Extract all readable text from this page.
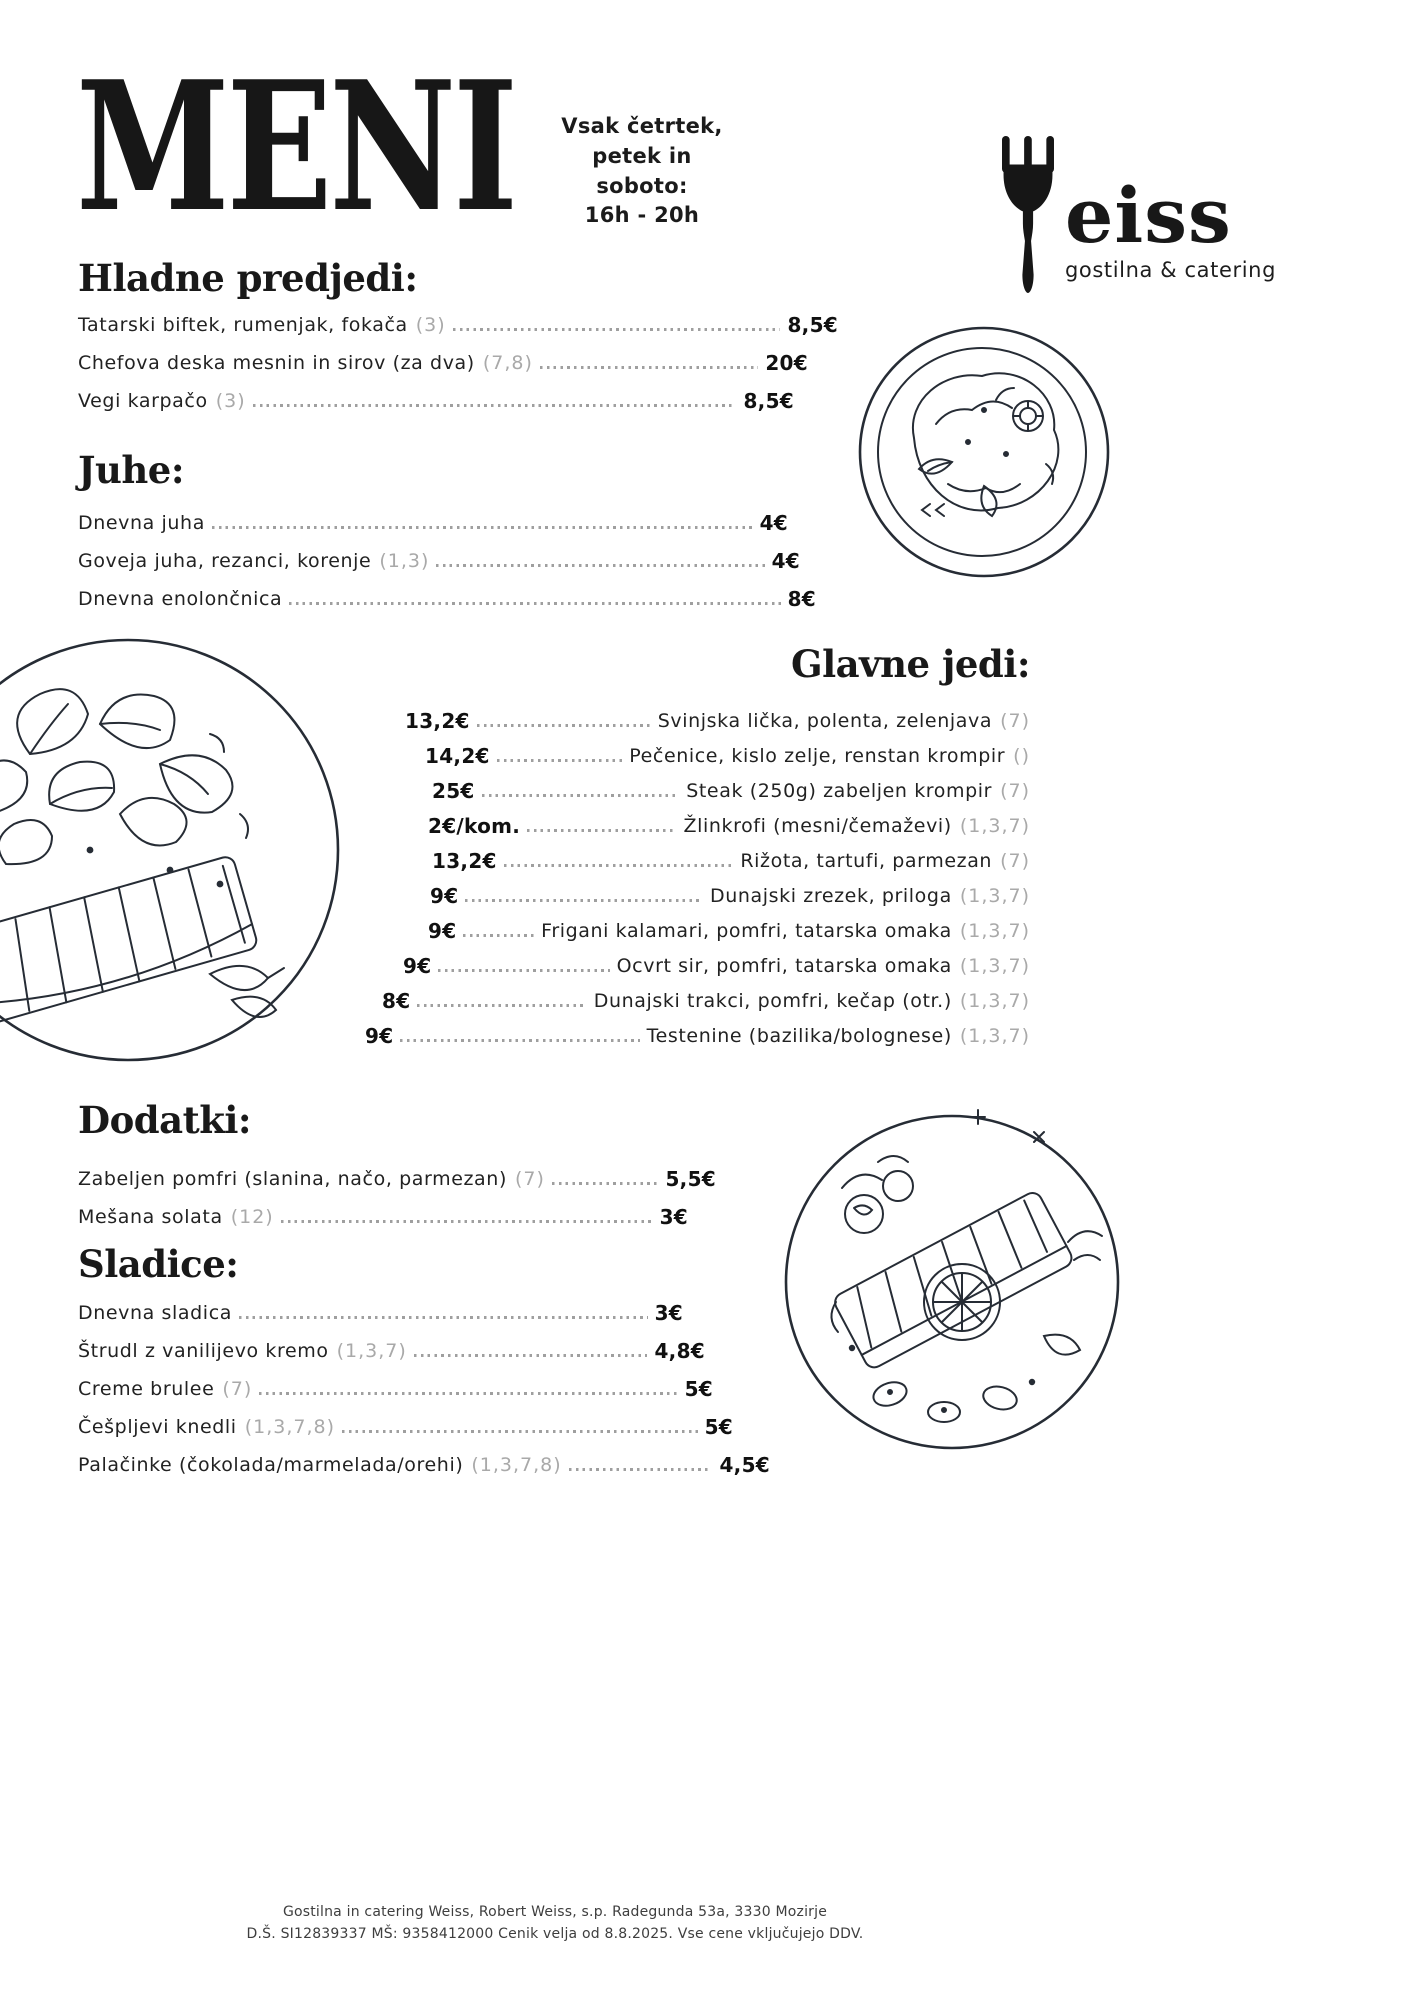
MENI	Vsak četrtek,
petek in
soboto:
16h - 20h	eiss
gostilna & catering
Hladne predjedi:
Tatarski biftek, rumenjak, fokača (3)	8,5€
Chefova deska mesnin in sirov (za dva) (7,8)	20€
Vegi karpačo (3)	8,5€
Juhe:
Dnevna juha	4€
Goveja juha, rezanci, korenje (1,3)	4€
Dnevna enolončnica	8€
Glavne jedi:
13,2€	Svinjska lička, polenta, zelenjava (7)
14,2€	Pečenice, kislo zelje, renstan krompir ()
25€	Steak (250g) zabeljen krompir (7)
2€/kom.	Žlinkrofi (mesni/čemaževi) (1,3,7)
13,2€	Rižota, tartufi, parmezan (7)
9€	Dunajski zrezek, priloga (1,3,7)
9€	Frigani kalamari, pomfri, tatarska omaka (1,3,7)
9€	Ocvrt sir, pomfri, tatarska omaka (1,3,7)
8€	Dunajski trakci, pomfri, kečap (otr.) (1,3,7)
9€	Testenine (bazilika/bolognese) (1,3,7)
Dodatki:
Zabeljen pomfri (slanina, načo, parmezan) (7)	5,5€
Mešana solata (12)	3€
Sladice:
Dnevna sladica	3€
Štrudl z vanilijevo kremo (1,3,7)	4,8€
Creme brulee (7)	5€
Češpljevi knedli (1,3,7,8)	5€
Palačinke (čokolada/marmelada/orehi) (1,3,7,8)	4,5€
Gostilna in catering Weiss, Robert Weiss, s.p. Radegunda 53a, 3330 Mozirje
D.Š. SI12839337 MŠ: 9358412000 Cenik velja od 8.8.2025. Vse cene vključujejo DDV.
